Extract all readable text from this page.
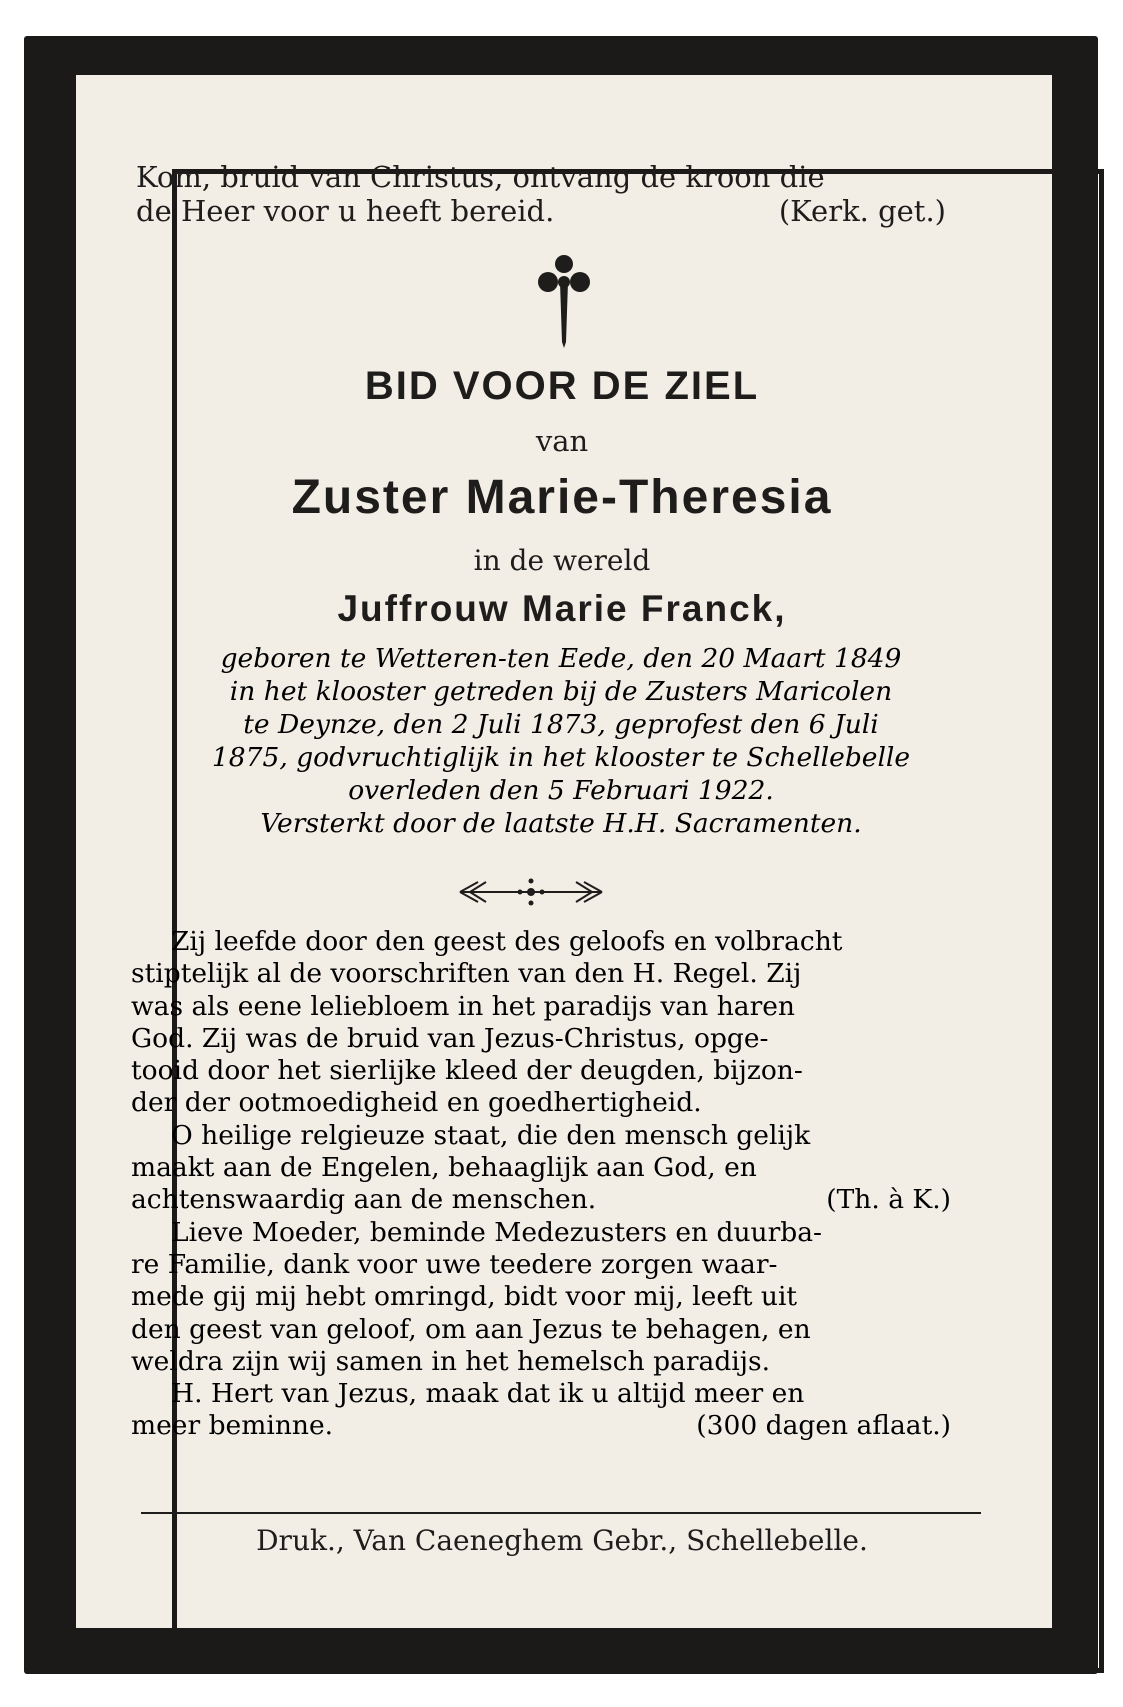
Kom, bruid van Christus, ontvang de kroon die
de Heer voor u heeft bereid.	(Kerk. get.)

BID VOOR DE ZIEL

van

Zuster Marie-Theresia

in de wereld

Juffrouw Marie Franck,

geboren te Wetteren-ten Eede, den 20 Maart 1849
in het klooster getreden bij de Zusters Maricolen
te Deynze, den 2 Juli 1873, geprofest den 6 Juli
1875, godvruchtiglijk in het klooster te Schellebelle
overleden den 5 Februari 1922.
Versterkt door de laatste H.H. Sacramenten.
Zij leefde door den geest des geloofs en volbracht
stiptelijk al de voorschriften van den H. Regel. Zij
was als eene leliebloem in het paradijs van haren
God. Zij was de bruid van Jezus-Christus, opge-
tooid door het sierlijke kleed der deugden, bijzon-
der der ootmoedigheid en goedhertigheid.
O heilige relgieuze staat, die den mensch gelijk
maakt aan de Engelen, behaaglijk aan God, en
achtenswaardig aan de menschen.	(Th. à K.)
Lieve Moeder, beminde Medezusters en duurba-
re Familie, dank voor uwe teedere zorgen waar-
mede gij mij hebt omringd, bidt voor mij, leeft uit
den geest van geloof, om aan Jezus te behagen, en
weldra zijn wij samen in het hemelsch paradijs.
H. Hert van Jezus, maak dat ik u altijd meer en
meer beminne.	(300 dagen aflaat.)

Druk., Van Caeneghem Gebr., Schellebelle.
